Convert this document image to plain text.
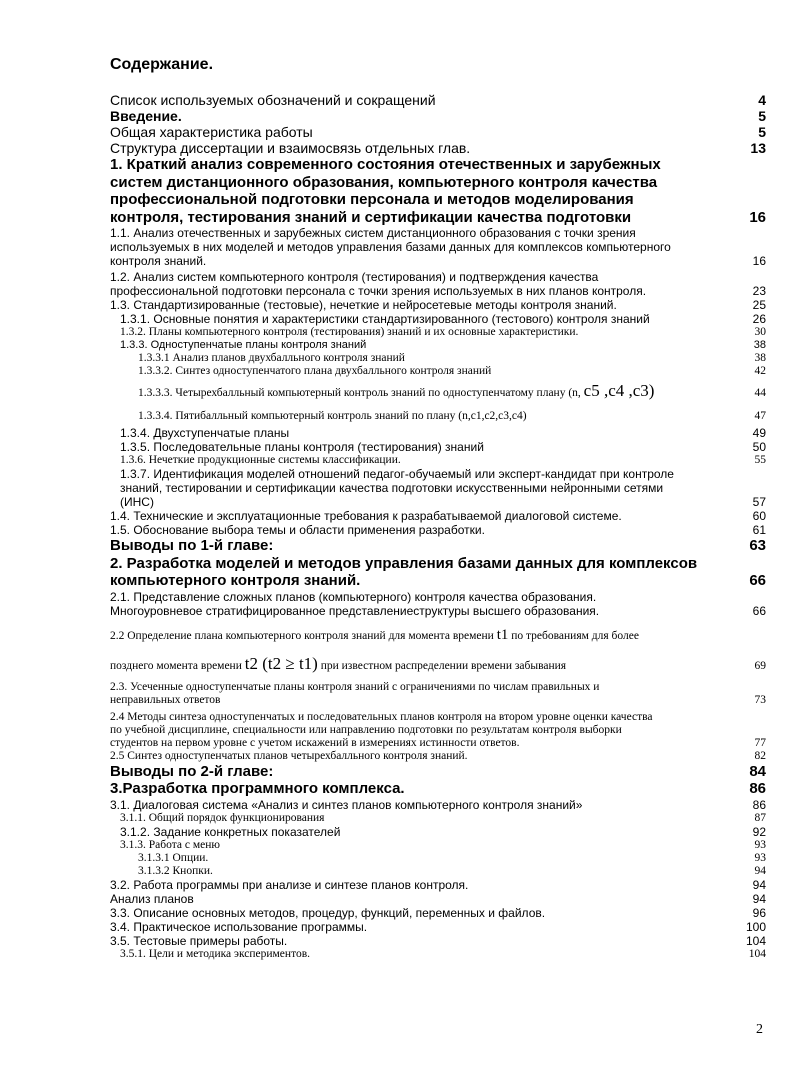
Содержание.
Список используемых обозначений и сокращений	4
Введение.	5
Общая характеристика работы	5
Структура диссертации и взаимосвязь отдельных глав.	13
1. Краткий анализ современного состояния отечественных и зарубежных
систем дистанционного образования, компьютерного контроля качества
профессиональной подготовки персонала и методов моделирования
контроля, тестирования знаний и сертификации качества подготовки	16
1.1. Анализ отечественных и зарубежных систем дистанционного образования с точки зрения
используемых в них моделей и методов управления базами данных для комплексов компьютерного
контроля знаний.	16
1.2. Анализ систем компьютерного контроля (тестирования) и подтверждения качества
профессиональной подготовки персонала с точки зрения используемых в них планов контроля.	23
1.3. Стандартизированные (тестовые), нечеткие и нейросетевые методы контроля знаний.	25
1.3.1. Основные понятия и характеристики стандартизированного (тестового) контроля знаний	26
1.3.2. Планы компьютерного контроля (тестирования) знаний и их основные характеристики.	30
1.3.3. Одноступенчатые планы контроля знаний	38
1.3.3.1 Анализ планов двухбалльного контроля знаний	38
1.3.3.2. Синтез одноступенчатого плана двухбалльного контроля знаний	42
1.3.3.3. Четырехбалльный компьютерный контроль знаний по одноступенчатому плану (n, c5 ,c4 ,c3)	44
1.3.3.4. Пятибалльный компьютерный контроль знаний по плану (n,c1,c2,c3,c4)	47
1.3.4. Двухступенчатые планы	49
1.3.5. Последовательные планы контроля (тестирования) знаний	50
1.3.6. Нечеткие продукционные системы классификации.	55
1.3.7. Идентификация моделей отношений педагог-обучаемый или эксперт-кандидат при контроле
знаний, тестировании и сертификации качества подготовки искусственными нейронными сетями
(ИНС)	57
1.4. Технические и эксплуатационные требования к разрабатываемой диалоговой системе.	60
1.5. Обоснование выбора темы и области применения разработки.	61
Выводы по 1-й главе:	63
2. Разработка моделей и методов управления базами данных для комплексов
компьютерного контроля знаний.	66
2.1. Представление сложных планов (компьютерного) контроля качества образования.
Многоуровневое стратифицированное представлениеструктуры высшего образования.	66
2.2 Определение плана компьютерного контроля знаний для момента времени t1 по требованиям для более
позднего момента времени t2 (t2 ≥ t1) при известном распределении времени забывания	69
2.3. Усеченные одноступенчатые планы контроля знаний с ограничениями по числам правильных и
неправильных ответов	73
2.4 Методы синтеза одноступенчатых и последовательных планов контроля на втором уровне оценки качества
по учебной дисциплине, специальности или направлению подготовки по результатам контроля выборки
студентов на первом уровне с учетом искажений в измерениях истинности ответов.	77
2.5 Синтез одноступенчатых планов четырехбалльного контроля знаний.	82
Выводы по 2-й главе:	84
3.Разработка программного комплекса.	86
3.1. Диалоговая система «Анализ и синтез планов компьютерного контроля знаний»	86
3.1.1. Общий порядок функционирования	87
3.1.2. Задание конкретных показателей	92
3.1.3. Работа с меню	93
3.1.3.1 Опции.	93
3.1.3.2 Кнопки.	94
3.2. Работа программы при анализе и синтезе планов контроля.	94
Анализ планов	94
3.3. Описание основных методов, процедур, функций, переменных и файлов.	96
3.4. Практическое использование программы.	100
3.5. Тестовые примеры работы.	104
3.5.1. Цели и методика экспериментов.	104
2
